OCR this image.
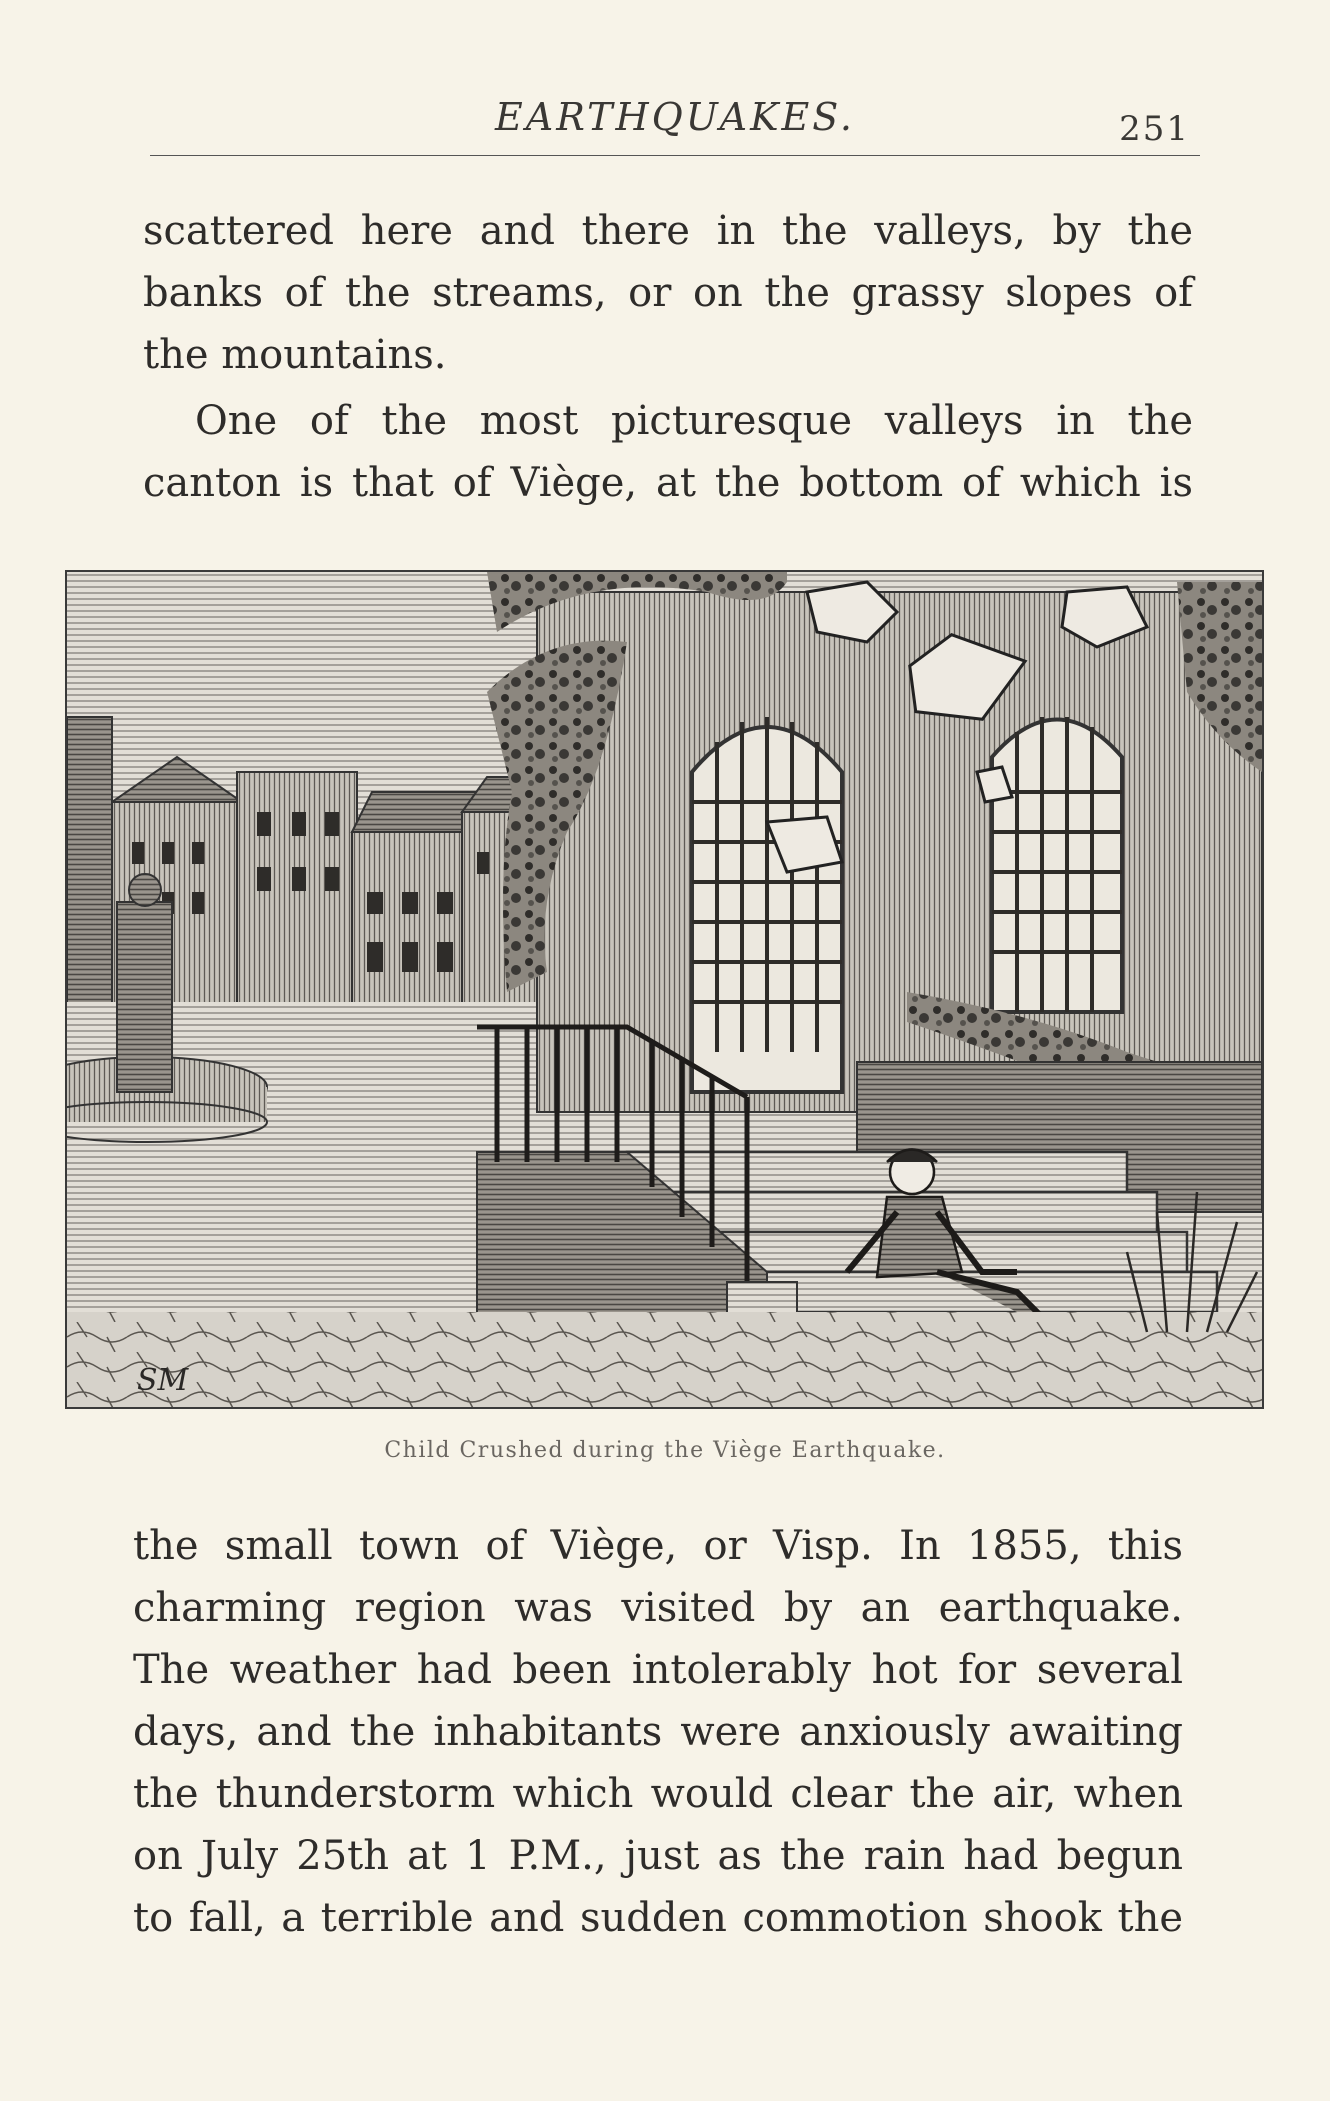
EARTHQUAKES.	251
scattered here and there in the valleys, by the
banks of the streams, or on the grassy slopes of
the mountains.
One of the most picturesque valleys in the
canton is that of Viège, at the bottom of which is
SM
Child Crushed during the Viège Earthquake.
the small town of Viège, or Visp. In 1855, this
charming region was visited by an earthquake.
The weather had been intolerably hot for several
days, and the inhabitants were anxiously awaiting
the thunderstorm which would clear the air, when
on July 25th at 1 P.M., just as the rain had begun
to fall, a terrible and sudden commotion shook the
